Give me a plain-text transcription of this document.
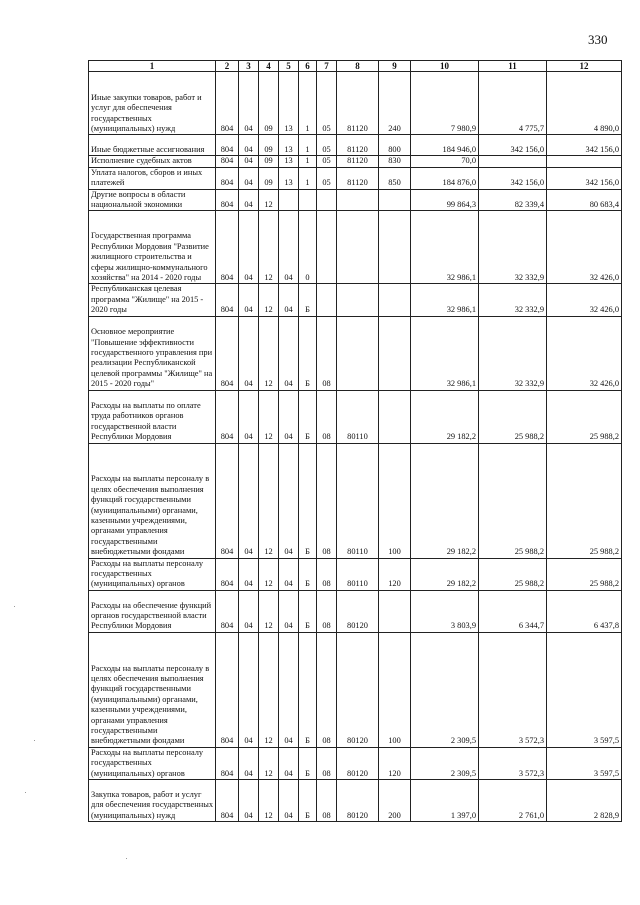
330
1	2	3	4	5	6	7	8	9	10	11	12
Иные закупки товаров, работ и услуг для обеспечения государственных (муниципальных) нужд	804	04	09	13	1	05	81120	240	7 980,9	4 775,7	4 890,0
Иные бюджетные ассигнования	804	04	09	13	1	05	81120	800	184 946,0	342 156,0	342 156,0
Исполнение судебных актов	804	04	09	13	1	05	81120	830	70,0		
Уплата налогов, сборов и иных платежей	804	04	09	13	1	05	81120	850	184 876,0	342 156,0	342 156,0
Другие вопросы в области национальной экономики	804	04	12						99 864,3	82 339,4	80 683,4
Государственная программа Республики Мордовия "Развитие жилищного строительства и сферы жилищно-коммунального хозяйства" на 2014 - 2020 годы	804	04	12	04	0				32 986,1	32 332,9	32 426,0
Республиканская целевая программа "Жилище" на 2015 - 2020 годы	804	04	12	04	Б				32 986,1	32 332,9	32 426,0
Основное мероприятие "Повышение эффективности государственного управления при реализации Республиканской целевой программы "Жилище" на 2015 - 2020 годы"	804	04	12	04	Б	08			32 986,1	32 332,9	32 426,0
Расходы на выплаты по оплате труда работников органов государственной власти Республики Мордовия	804	04	12	04	Б	08	80110		29 182,2	25 988,2	25 988,2
Расходы на выплаты персоналу в целях обеспечения выполнения функций государственными (муниципальными) органами, казенными учреждениями, органами управления государственными внебюджетными фондами	804	04	12	04	Б	08	80110	100	29 182,2	25 988,2	25 988,2
Расходы на выплаты персоналу государственных (муниципальных) органов	804	04	12	04	Б	08	80110	120	29 182,2	25 988,2	25 988,2
Расходы на обеспечение функций органов государственной власти Республики Мордовия	804	04	12	04	Б	08	80120		3 803,9	6 344,7	6 437,8
Расходы на выплаты персоналу в целях обеспечения выполнения функций государственными (муниципальными) органами, казенными учреждениями, органами управления государственными внебюджетными фондами	804	04	12	04	Б	08	80120	100	2 309,5	3 572,3	3 597,5
Расходы на выплаты персоналу государственных (муниципальных) органов	804	04	12	04	Б	08	80120	120	2 309,5	3 572,3	3 597,5
Закупка товаров, работ и услуг для обеспечения государственных (муниципальных) нужд	804	04	12	04	Б	08	80120	200	1 397,0	2 761,0	2 828,9
